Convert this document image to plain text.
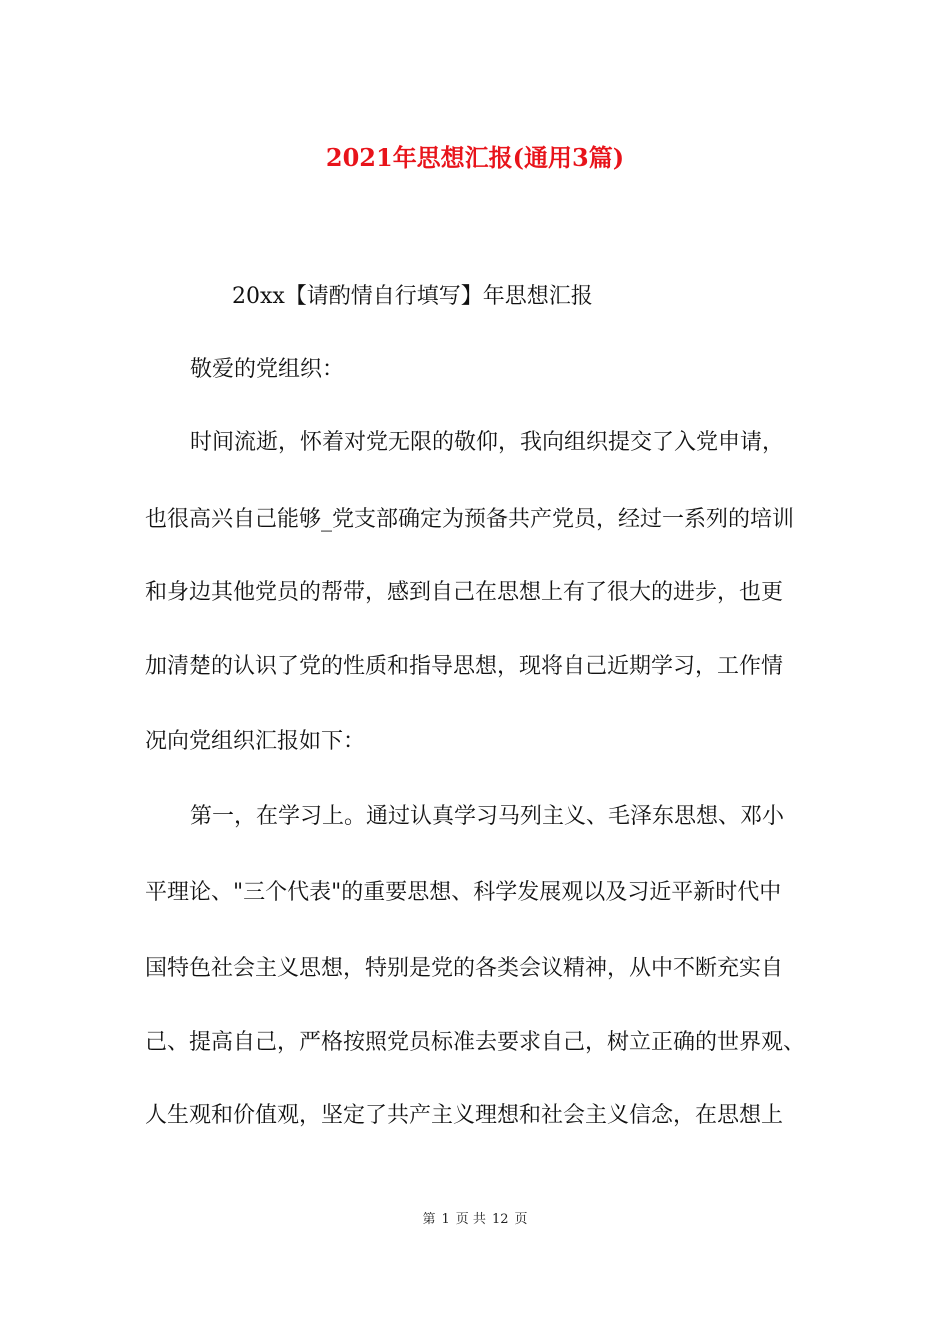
2021年思想汇报(通用3篇)
20xx【请酌情自行填写】年思想汇报
敬爱的党组织：
时间流逝，怀着对党无限的敬仰，我向组织提交了入党申请，
也很高兴自己能够_党支部确定为预备共产党员，经过一系列的培训
和身边其他党员的帮带，感到自己在思想上有了很大的进步，也更
加清楚的认识了党的性质和指导思想，现将自己近期学习，工作情
况向党组织汇报如下：
第一，在学习上。通过认真学习马列主义、毛泽东思想、邓小
平理论、"三个代表"的重要思想、科学发展观以及习近平新时代中
国特色社会主义思想，特别是党的各类会议精神，从中不断充实自
己、提高自己，严格按照党员标准去要求自己，树立正确的世界观、
人生观和价值观，坚定了共产主义理想和社会主义信念，在思想上
第 1 页 共 12 页
